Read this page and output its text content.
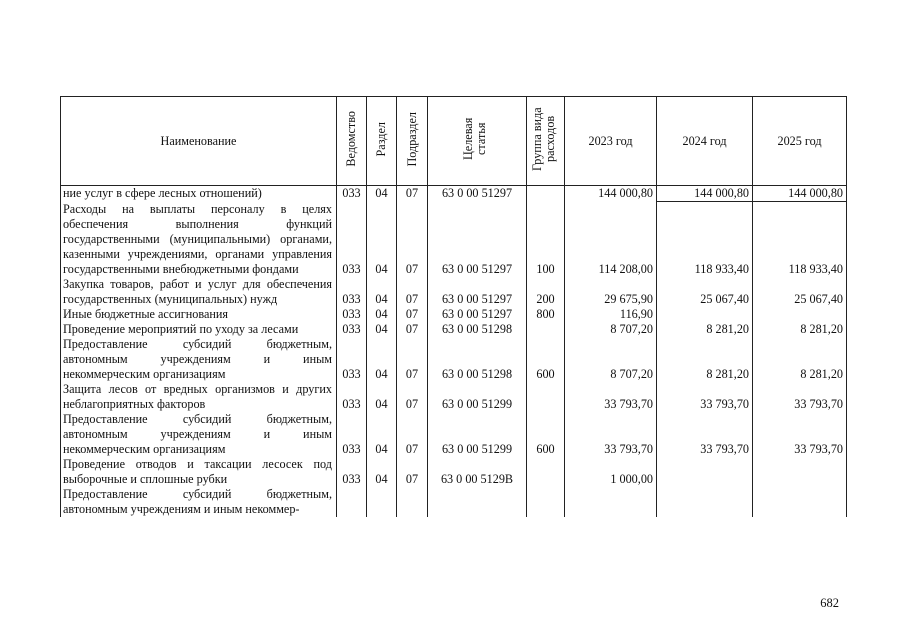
Наименование	Ведомство	Раздел	Подраздел	Целевая статья	Группа вида расходов	2023 год	2024 год	2025 год
ние услуг в сфере лесных отношений)	033	04	07	63 0 00 51297		144 000,80	144 000,80	144 000,80
Расходы на выплаты персоналу в целях обеспечения выполнения функций государственными (муниципальными) органами, казенными учреждениями, органами управления государственными внебюджетными фондами	033	04	07	63 0 00 51297	100	114 208,00	118 933,40	118 933,40
Закупка товаров, работ и услуг для обеспечения государственных (муниципальных) нужд	033	04	07	63 0 00 51297	200	29 675,90	25 067,40	25 067,40
Иные бюджетные ассигнования	033	04	07	63 0 00 51297	800	116,90		
Проведение мероприятий по уходу за лесами	033	04	07	63 0 00 51298		8 707,20	8 281,20	8 281,20
Предоставление субсидий бюджетным, автономным учреждениям и иным некоммерческим организациям	033	04	07	63 0 00 51298	600	8 707,20	8 281,20	8 281,20
Защита лесов от вредных организмов и других неблагоприятных факторов	033	04	07	63 0 00 51299		33 793,70	33 793,70	33 793,70
Предоставление субсидий бюджетным, автономным учреждениям и иным некоммерческим организациям	033	04	07	63 0 00 51299	600	33 793,70	33 793,70	33 793,70
Проведение отводов и таксации лесосек под выборочные и сплошные рубки	033	04	07	63 0 00 5129В		1 000,00		
Предоставление субсидий бюджетным, автономным учреждениям и иным некоммер-								
682
